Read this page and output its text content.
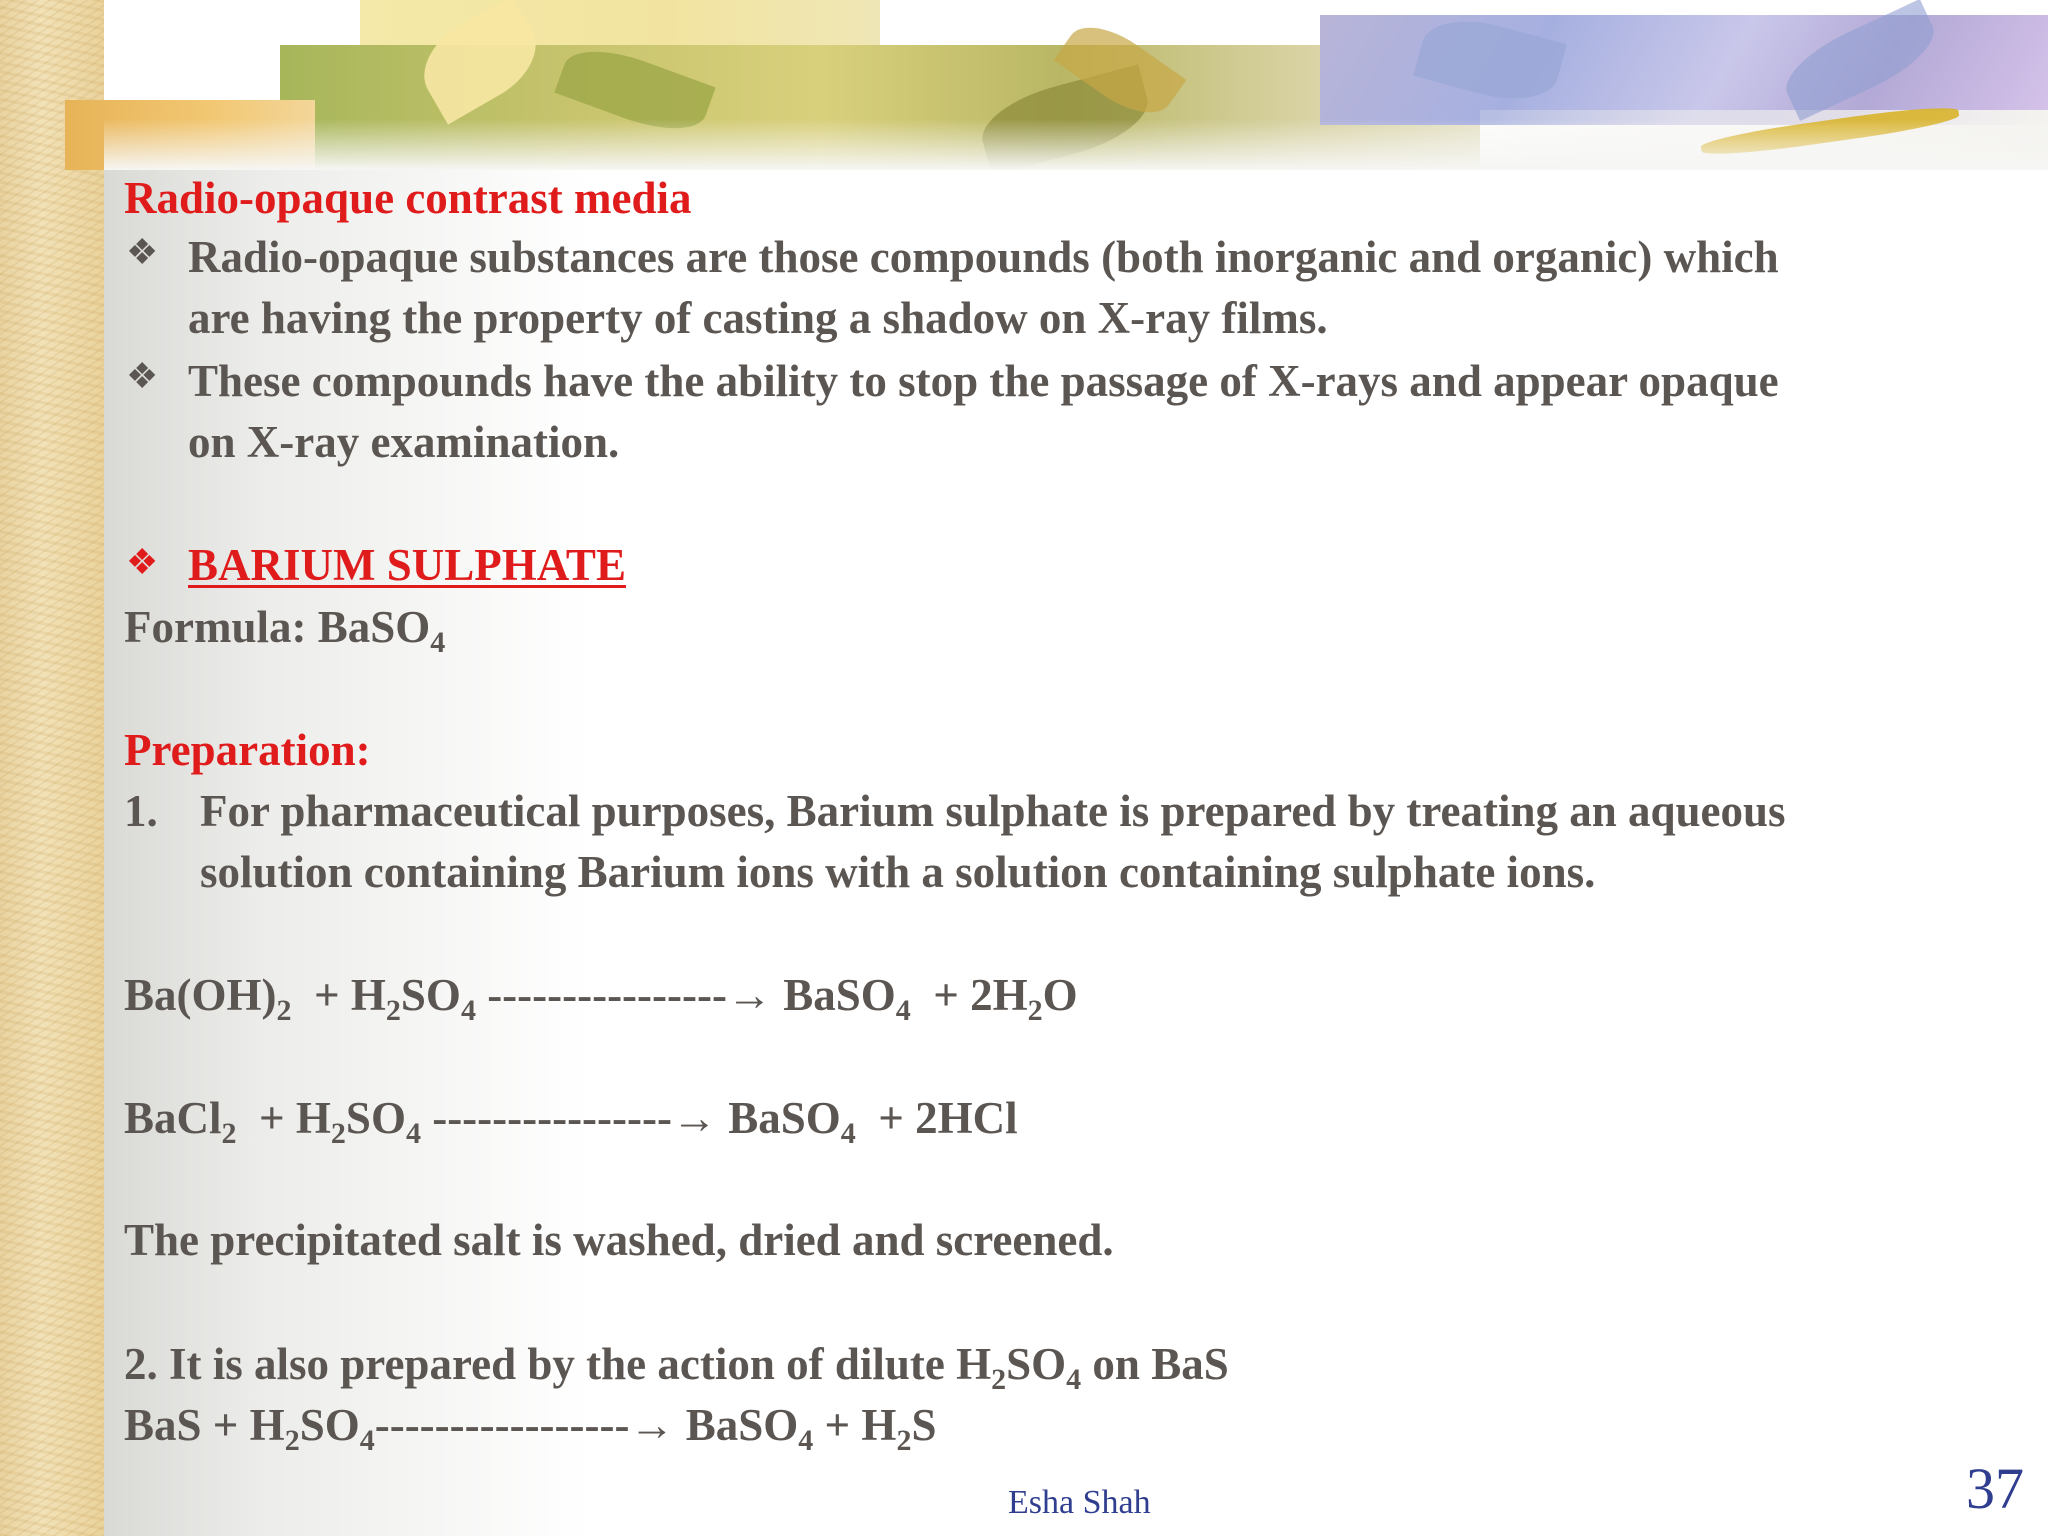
Radio-opaque contrast media
❖ Radio-opaque substances are those compounds (both inorganic and organic) which
are having the property of casting a shadow on X-ray films.
❖ These compounds have the ability to stop the passage of X-rays and appear opaque
on X-ray examination.
❖ BARIUM SULPHATE
Formula: BaSO$_4$
Preparation:
1. For pharmaceutical purposes, Barium sulphate is prepared by treating an aqueous
solution containing Barium ions with a solution containing sulphate ions.
$Ba(OH)_2 + H_2SO_4$ ----------------→ BaSO$_4$  + $2H_2O$
BaCl$_2$  + $H_2SO_4$ ----------------→ BaSO$_4$  + 2HCl
The precipitated salt is washed, dried and screened.
2. It is also prepared by the action of dilute $H_2SO_4$ on BaS
BaS + $H_2SO_4-----------------\to$ BaSO$_4$ + $H_2S$
Esha Shah	37
